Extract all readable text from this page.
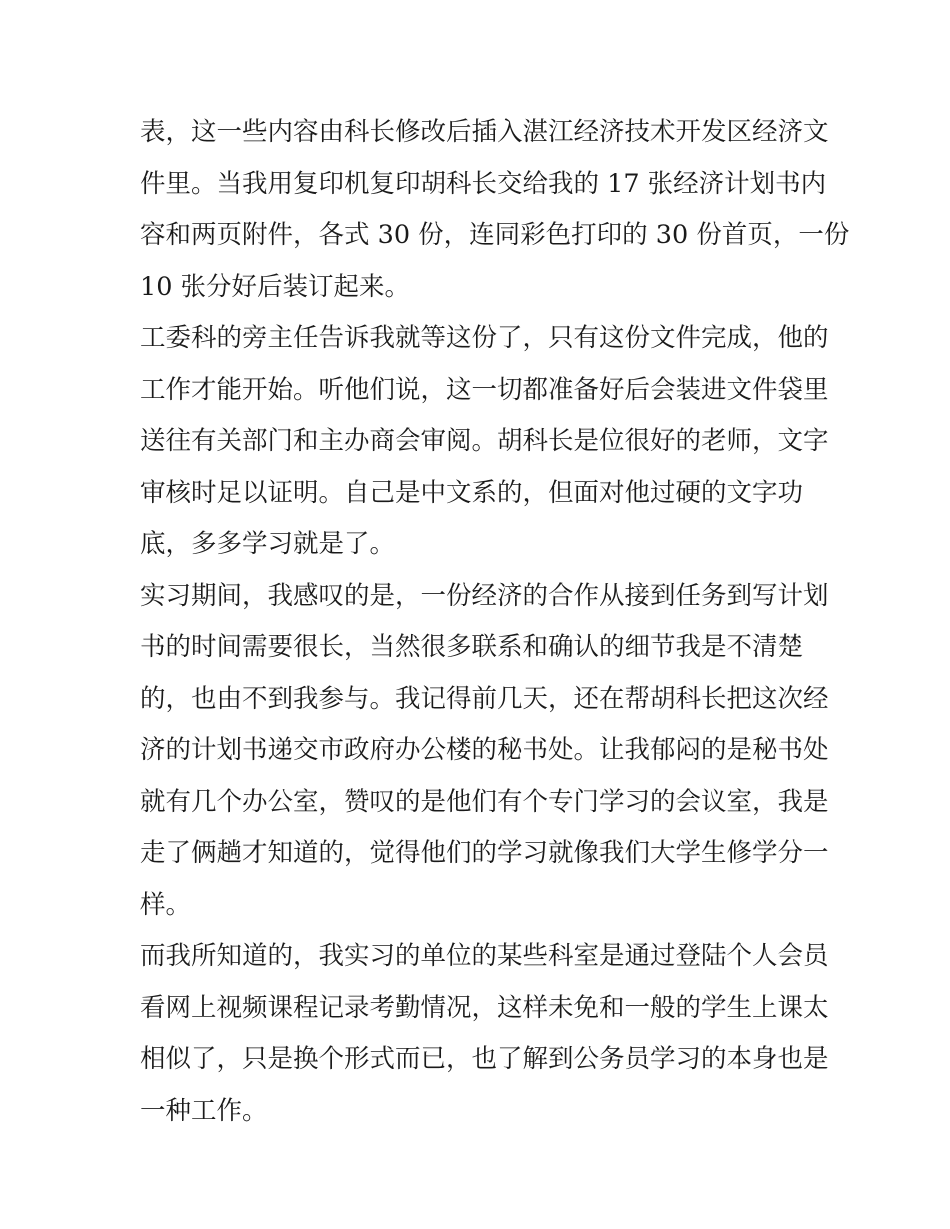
表，这一些内容由科长修改后插入湛江经济技术开发区经济文
件里。当我用复印机复印胡科长交给我的 17 张经济计划书内
容和两页附件，各式 30 份，连同彩色打印的 30 份首页，一份
10 张分好后装订起来。
工委科的旁主任告诉我就等这份了，只有这份文件完成，他的
工作才能开始。听他们说，这一切都准备好后会装进文件袋里
送往有关部门和主办商会审阅。胡科长是位很好的老师，文字
审核时足以证明。自己是中文系的，但面对他过硬的文字功
底，多多学习就是了。
实习期间，我感叹的是，一份经济的合作从接到任务到写计划
书的时间需要很长，当然很多联系和确认的细节我是不清楚
的，也由不到我参与。我记得前几天，还在帮胡科长把这次经
济的计划书递交市政府办公楼的秘书处。让我郁闷的是秘书处
就有几个办公室，赞叹的是他们有个专门学习的会议室，我是
走了俩趟才知道的，觉得他们的学习就像我们大学生修学分一
样。
而我所知道的，我实习的单位的某些科室是通过登陆个人会员
看网上视频课程记录考勤情况，这样未免和一般的学生上课太
相似了，只是换个形式而已，也了解到公务员学习的本身也是
一种工作。
